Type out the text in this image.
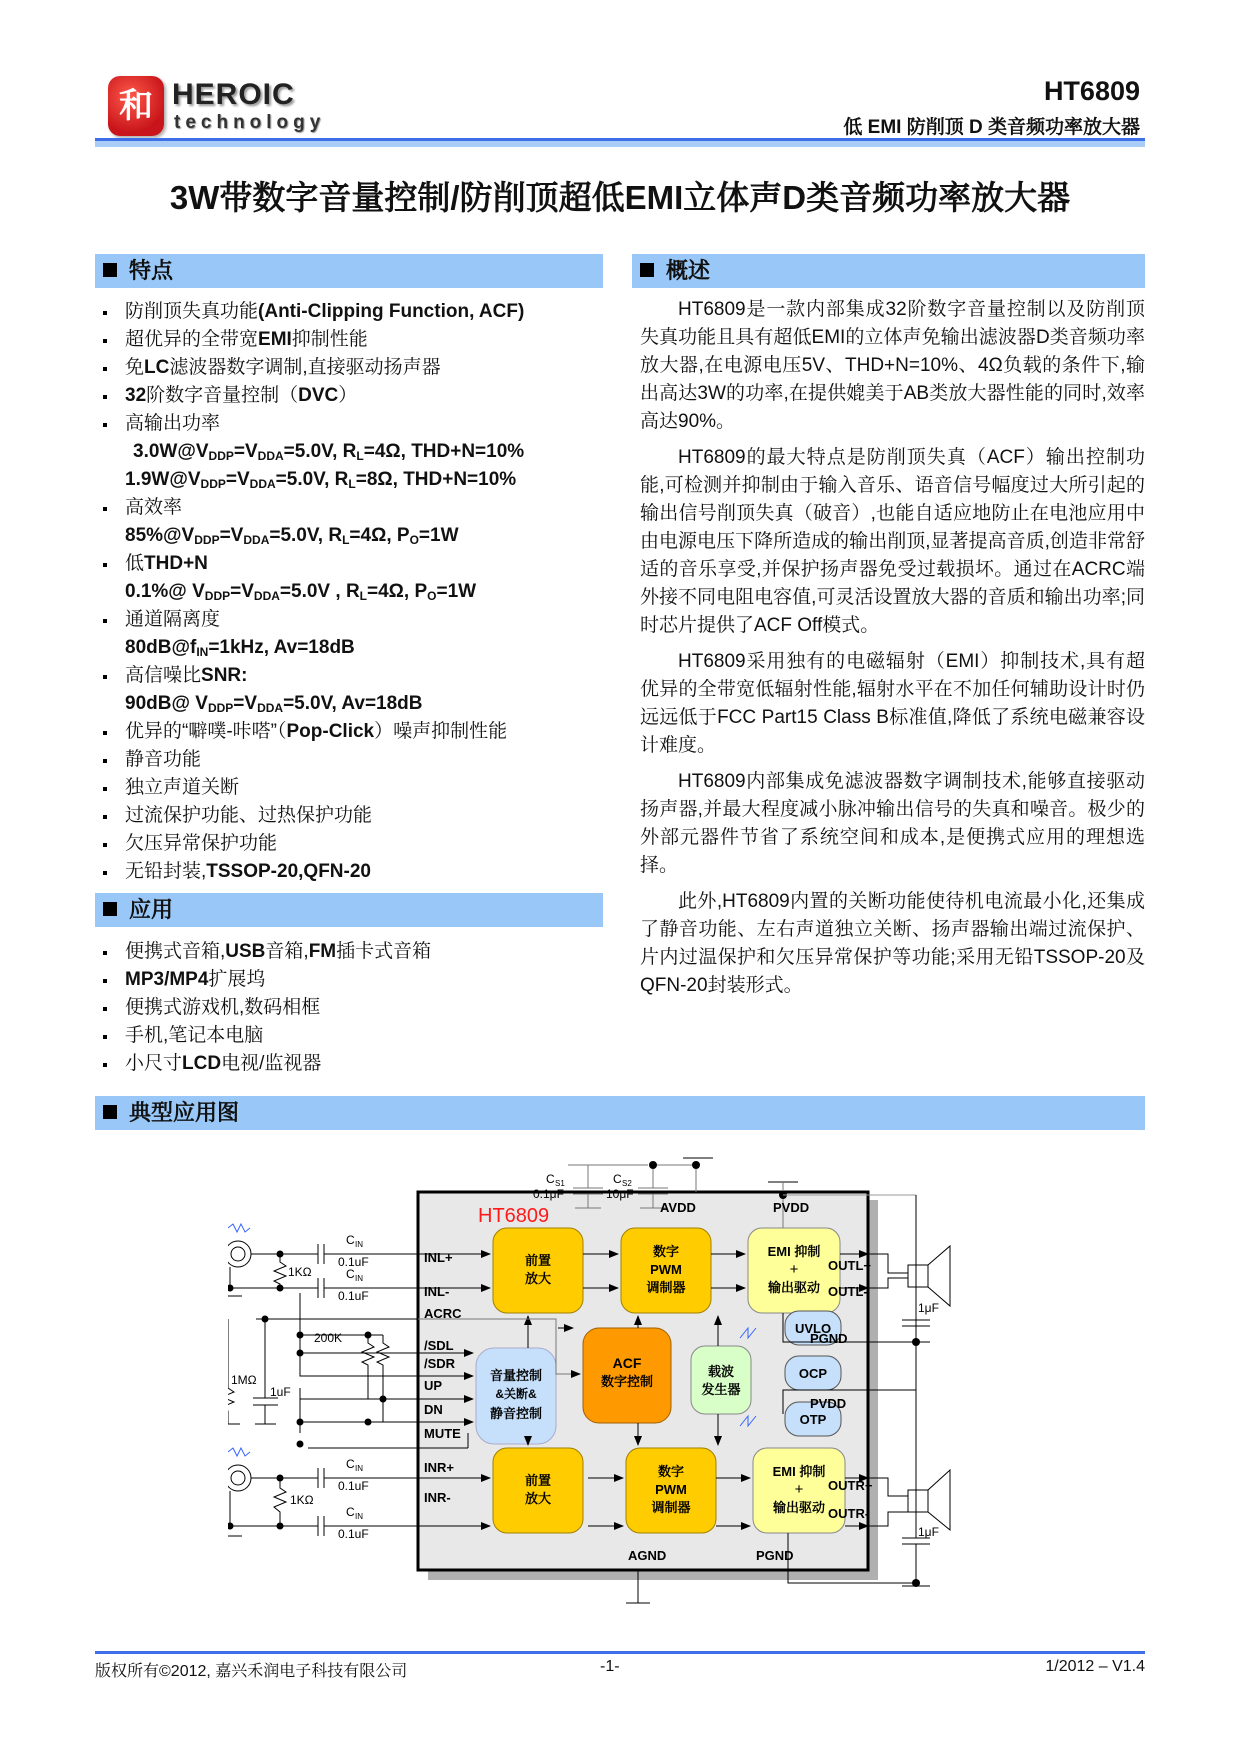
和 HEROIC
technology
HT6809
低 EMI 防削顶 D 类音频功率放大器
3W带数字音量控制/防削顶超低EMI立体声D类音频功率放大器
特点
防削顶失真功能(Anti-Clipping Function, ACF)
超优异的全带宽EMI抑制性能
免LC滤波器数字调制,直接驱动扬声器
32阶数字音量控制（DVC）
高输出功率
$3.0W@V_{DDP}=V_{DDA}=5.0V$, $R_L=4\Omega$, THD+N=10%
$1.9W@V_{DDP}=V_{DDA}=5.0V$, $R_L=8\Omega$, THD+N=10%
高效率
$85\%@V_{DDP}=V_{DDA}=5.0V$, $R_L=4\Omega$, $P_O=1W$
低THD+N
0.1%@ $V_{DDP}=V_{DDA}=5.0V$ , $R_L=4\Omega$, $P_O=1W$
通道隔离度
$80dB@f_{IN}=1kHz$, Av=18dB
高信噪比SNR:
90dB@ $V_{DDP}=V_{DDA}=5.0V$, Av=18dB
优异的“噼噗-咔嗒”（Pop-Click）噪声抑制性能
静音功能
独立声道关断
过流保护功能、过热保护功能
欠压异常保护功能
无铅封装,TSSOP-20,QFN-20
应用
便携式音箱,USB音箱,FM插卡式音箱
MP3/MP4扩展坞
便携式游戏机,数码相框
手机,笔记本电脑
小尺寸LCD电视/监视器
概述

HT6809是一款内部集成32阶数字音量控制以及防削顶失真功能且具有超低EMI的立体声免输出滤波器D类音频功率放大器,在电源电压5V、THD+N=10%、4Ω负载的条件下,输出高达3W的功率,在提供媲美于AB类放大器性能的同时,效率高达90%。

HT6809的最大特点是防削顶失真（ACF）输出控制功能,可检测并抑制由于输入音乐、语音信号幅度过大所引起的输出信号削顶失真（破音）,也能自适应地防止在电池应用中由电源电压下降所造成的输出削顶,显著提高音质,创造非常舒适的音乐享受,并保护扬声器免受过载损坏。通过在ACRC端外接不同电阻电容值,可灵活设置放大器的音质和输出功率;同时芯片提供了ACF Off模式。

HT6809采用独有的电磁辐射（EMI）抑制技术,具有超优异的全带宽低辐射性能,辐射水平在不加任何辅助设计时仍远远低于FCC Part15 Class B标准值,降低了系统电磁兼容设计难度。

HT6809内部集成免滤波器数字调制技术,能够直接驱动扬声器,并最大程度减小脉冲输出信号的失真和噪音。极少的外部元器件节省了系统空间和成本,是便携式应用的理想选择。

此外,HT6809内置的关断功能使待机电流最小化,还集成了静音功能、左右声道独立关断、扬声器输出端过流保护、片内过温保护和欠压异常保护等功能;采用无铅TSSOP-20及QFN-20封装形式。

典型应用图
HT6809
C S1
0.1μF
C S2
10μF
AVDD	PVDD
前置
放大
数字
PWM
调制器
EMI 抑制
+
输出驱动
音量控制
&关断&
静音控制
ACF
数字控制
载波
发生器
UVLO
OCP
OTP
前置
放大
数字
PWM
调制器
EMI 抑制
+
输出驱动
INL+
INL-
ACRC
/SDL
/SDR
UP
DN
MUTE
INR+
INR-
AGND	PGND
OUTL+
OUTL-
PGND
PVDD
OUTR+
OUTR-
C IN
0.1uF
C IN
0.1uF
1KΩ
200K
1MΩ
1uF
C IN
0.1uF
C IN
0.1uF
1KΩ
1μF
1μF
版权所有©2012, 嘉兴禾润电子科技有限公司	-1-	1/2012 – V1.4
